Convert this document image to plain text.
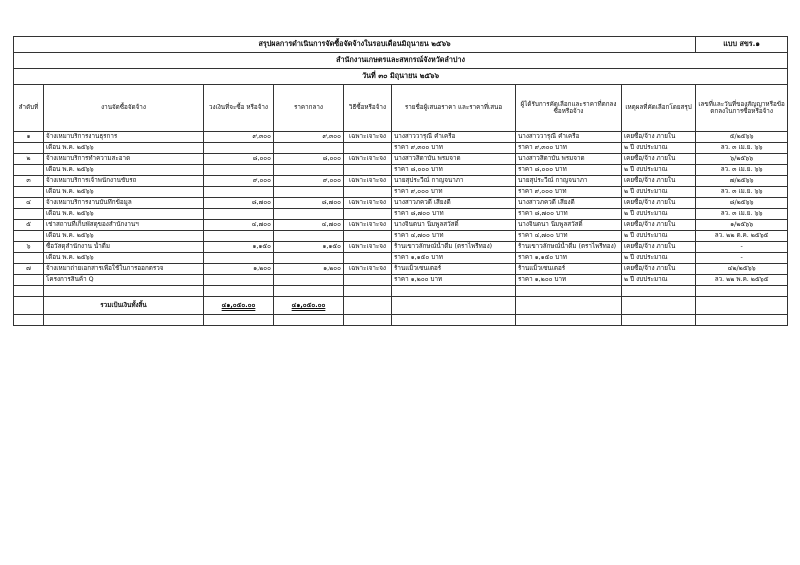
สรุปผลการดำเนินการจัดซื้อจัดจ้างในรอบเดือนมิถุนายน ๒๕๖๖								แบบ สขร.๑
สำนักงานเกษตรและสหกรณ์จังหวัดลำปาง								
วันที่ ๓๐ มิถุนายน ๒๕๖๖								
ลำดับที่	งานจัดซื้อจัดจ้าง	วงเงินที่จะซื้อ หรือจ้าง	ราคากลาง	วิธีซื้อหรือจ้าง	รายชื่อผู้เสนอราคา และราคาที่เสนอ	ผู้ได้รับการคัดเลือกและราคาที่ตกลงซื้อหรือจ้าง	เหตุผลที่คัดเลือกโดยสรุป	เลขที่และวันที่ของสัญญาหรือข้อตกลงในการซื้อหรือจ้าง
๑	จ้างเหมาบริการงานธุรการ	๙,๓๐๐	๙,๓๐๐	เฉพาะเจาะจง	นางสาววารุณี คำเครือ	นางสาววารุณี คำเครือ	เคยซื้อ/จ้าง ภายใน	๕/๒๕๖๖
	เดือน พ.ค. ๒๕๖๖				ราคา ๙,๓๐๐ บาท	ราคา ๙,๓๐๐ บาท	๒ ปี งบประมาณ	ลว. ๓ เม.ย. ๖๖
๒	จ้างเหมาบริการทำความสะอาด	๘,๐๐๐	๘,๐๐๐	เฉพาะเจาะจง	นางสาวสิดาบัน พรมจาด	นางสาวสิดาบัน พรมจาด	เคยซื้อ/จ้าง ภายใน	๖/๒๕๖๖
	เดือน พ.ค. ๒๕๖๖				ราคา ๘,๐๐๐ บาท	ราคา ๘,๐๐๐ บาท	๒ ปี งบประมาณ	ลว. ๓ เม.ย. ๖๖
๓	จ้างเหมาบริการเจ้าพนักงานขับรถ	๙,๐๐๐	๙,๐๐๐	เฉพาะเจาะจง	นายสุประวีณ์ กาญจนาภา	นายสุประวีณ์ กาญจนาภา	เคยซื้อ/จ้าง ภายใน	๗/๒๕๖๖
	เดือน พ.ค. ๒๕๖๖				ราคา ๙,๐๐๐ บาท	ราคา ๙,๐๐๐ บาท	๒ ปี งบประมาณ	ลว. ๓ เม.ย. ๖๖
๔	จ้างเหมาบริการงานบันทึกข้อมูล	๘,๗๐๐	๘,๗๐๐	เฉพาะเจาะจง	นางสาวภควดี เสียงดี	นางสาวภควดี เสียงดี	เคยซื้อ/จ้าง ภายใน	๘/๒๕๖๖
	เดือน พ.ค. ๒๕๖๖				ราคา ๘,๗๐๐ บาท	ราคา ๘,๗๐๐ บาท	๒ ปี งบประมาณ	ลว. ๓ เม.ย. ๖๖
๕	เช่าสถานที่เก็บพัสดุของสำนักงานฯ	๔,๗๐๐	๔,๗๐๐	เฉพาะเจาะจง	นางจินตนา นิ่มพูลสวัสดิ์	นางจินตนา นิ่มพูลสวัสดิ์	เคยซื้อ/จ้าง ภายใน	๑/๒๕๖๖
	เดือน พ.ค. ๒๕๖๖				ราคา ๔,๗๐๐ บาท	ราคา ๔,๗๐๐ บาท	๒ ปี งบประมาณ	ลว. ๒๒ ต.ค. ๒๕๖๕
๖	ซื้อวัสดุสำนักงาน น้ำดื่ม	๑,๑๕๐	๑,๑๕๐	เฉพาะเจาะจง	ร้านเขาวลักษณ์น้ำดื่ม (ตราไพรีทอง)	ร้านเขาวลักษณ์น้ำดื่ม (ตราไพรีทอง)	เคยซื้อ/จ้าง ภายใน	-
	เดือน พ.ค. ๒๕๖๖				ราคา ๑,๑๕๐ บาท	ราคา ๑,๑๕๐ บาท	๒ ปี งบประมาณ	-
๗	จ้างเหมาถ่ายเอกสารเพื่อใช้ในการออกตรวจ	๑,๒๐๐	๑,๒๐๐	เฉพาะเจาะจง	ร้านแม็วเซนเตอร์	ร้านแม็วเซนเตอร์	เคยซื้อ/จ้าง ภายใน	๔๒/๒๕๖๖
	โครงการสินค้า Q				ราคา ๑,๒๐๐ บาท	ราคา ๑,๒๐๐ บาท	๒ ปี งบประมาณ	ลว. ๒๒ พ.ค. ๒๕๖๕

	รวมเป็นเงินทั้งสิ้น	๔๑,๐๕๐.๐๐	๔๑,๐๕๐.๐๐					
